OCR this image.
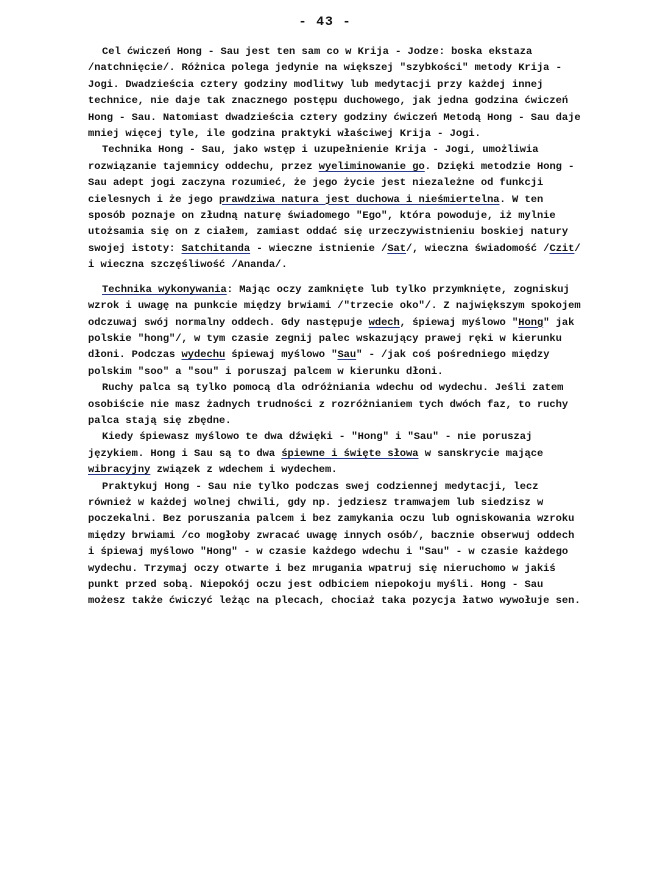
- 43 -

Cel ćwiczeń Hong - Sau jest ten sam co w Krija - Jodze: boska ekstaza /natchnięcie/. Różnica polega jedynie na większej "szybkości" metody Krija - Jogi. Dwadzieścia cztery godziny modlitwy lub medytacji przy każdej innej technice, nie daje tak znacznego postępu duchowego, jak jedna godzina ćwiczeń Hong - Sau. Natomiast dwadzieścia cztery godziny ćwiczeń Metodą Hong - Sau daje mniej więcej tyle, ile godzina praktyki właściwej Krija - Jogi.

Technika Hong - Sau, jako wstęp i uzupełnienie Krija - Jogi, umożliwia rozwiązanie tajemnicy oddechu, przez wyeliminowanie go. Dzięki metodzie Hong - Sau adept jogi zaczyna rozumieć, że jego życie jest niezależne od funkcji cielesnych i że jego prawdziwa natura jest duchowa i nieśmiertelna. W ten sposób poznaje on złudną naturę świadomego "Ego", która powoduje, iż mylnie utożsamia się on z ciałem, zamiast oddać się urzeczywistnieniu boskiej natury swojej istoty: Satchitanda - wieczne istnienie /Sat/, wieczna świadomość /Czit/ i wieczna szczęśliwość /Ananda/.

Technika wykonywania: Mając oczy zamknięte lub tylko przymknięte, zogniskuj wzrok i uwagę na punkcie między brwiami /"trzecie oko"/. Z największym spokojem odczuwaj swój normalny oddech. Gdy następuje wdech, śpiewaj myślowo "Hong" jak polskie "hong"/, w tym czasie zegnij palec wskazujący prawej ręki w kierunku dłoni. Podczas wydechu śpiewaj myślowo "Sau" - /jak coś pośredniego między polskim "soo" a "sou" i poruszaj palcem w kierunku dłoni.

Ruchy palca są tylko pomocą dla odróżniania wdechu od wydechu. Jeśli zatem osobiście nie masz żadnych trudności z rozróżnianiem tych dwóch faz, to ruchy palca stają się zbędne.

Kiedy śpiewasz myślowo te dwa dźwięki - "Hong" i "Sau" - nie poruszaj językiem. Hong i Sau są to dwa śpiewne i święte słowa w sanskrycie mające wibracyjny związek z wdechem i wydechem.

Praktykuj Hong - Sau nie tylko podczas swej codziennej medytacji, lecz również w każdej wolnej chwili, gdy np. jedziesz tramwajem lub siedzisz w poczekalni. Bez poruszania palcem i bez zamykania oczu lub ogniskowania wzroku między brwiami /co mogłoby zwracać uwagę innych osób/, bacznie obserwuj oddech i śpiewaj myślowo "Hong" - w czasie każdego wdechu i "Sau" - w czasie każdego wydechu. Trzymaj oczy otwarte i bez mrugania wpatruj się nieruchomo w jakiś punkt przed sobą. Niepokój oczu jest odbiciem niepokoju myśli. Hong - Sau możesz także ćwiczyć leżąc na plecach, chociaż taka pozycja łatwo wywołuje sen.
